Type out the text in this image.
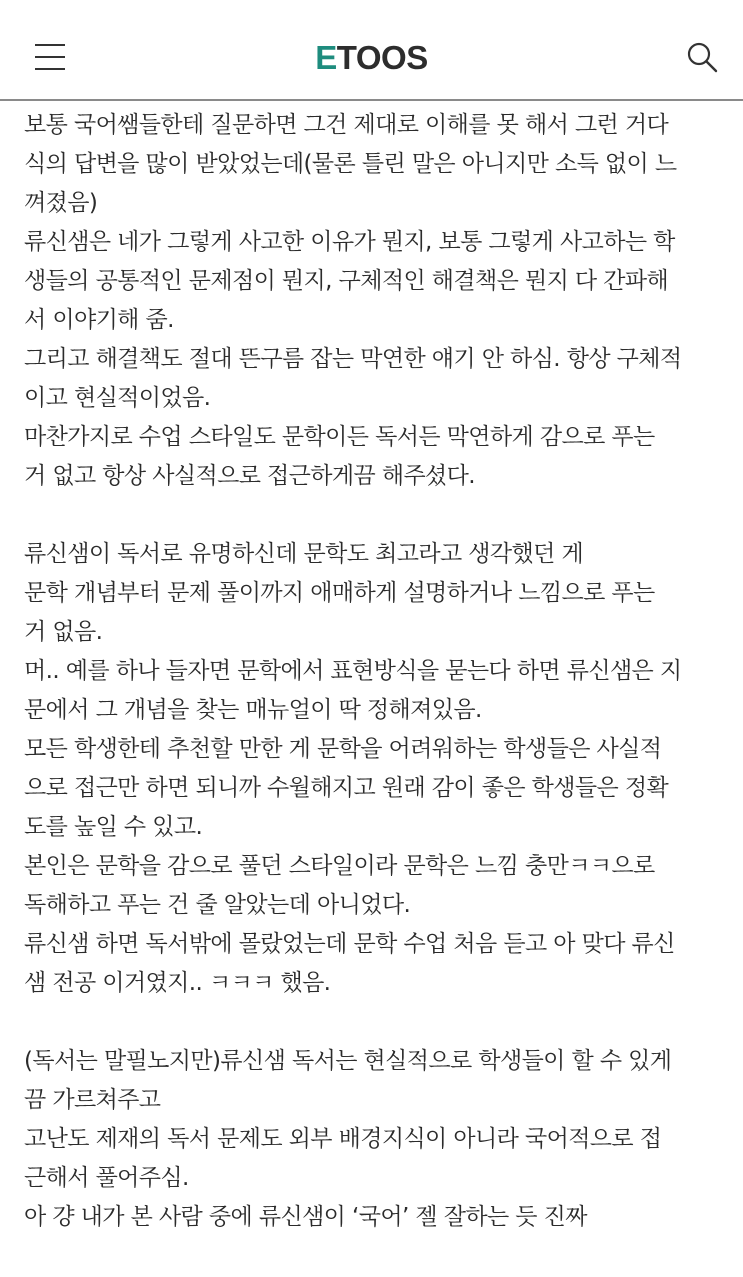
ETOOS
보통 국어쌤들한테 질문하면 그건 제대로 이해를 못 해서 그런 거다
식의 답변을 많이 받았었는데(물론 틀린 말은 아니지만 소득 없이 느
껴졌음)
류신샘은 네가 그렇게 사고한 이유가 뭔지, 보통 그렇게 사고하는 학
생들의 공통적인 문제점이 뭔지, 구체적인 해결책은 뭔지 다 간파해
서 이야기해 줌.
그리고 해결책도 절대 뜬구름 잡는 막연한 얘기 안 하심. 항상 구체적
이고 현실적이었음.
마찬가지로 수업 스타일도 문학이든 독서든 막연하게 감으로 푸는
거 없고 항상 사실적으로 접근하게끔 해주셨다.
류신샘이 독서로 유명하신데 문학도 최고라고 생각했던 게
문학 개념부터 문제 풀이까지 애매하게 설명하거나 느낌으로 푸는
거 없음.
머.. 예를 하나 들자면 문학에서 표현방식을 묻는다 하면 류신샘은 지
문에서 그 개념을 찾는 매뉴얼이 딱 정해져있음.
모든 학생한테 추천할 만한 게 문학을 어려워하는 학생들은 사실적
으로 접근만 하면 되니까 수월해지고 원래 감이 좋은 학생들은 정확
도를 높일 수 있고.
본인은 문학을 감으로 풀던 스타일이라 문학은 느낌 충만ㅋㅋ으로
독해하고 푸는 건 줄 알았는데 아니었다.
류신샘 하면 독서밖에 몰랐었는데 문학 수업 처음 듣고 아 맞다 류신
샘 전공 이거였지.. ㅋㅋㅋ 했음.
(독서는 말필노지만)류신샘 독서는 현실적으로 학생들이 할 수 있게
끔 가르쳐주고
고난도 제재의 독서 문제도 외부 배경지식이 아니라 국어적으로 접
근해서 풀어주심.
아 걍 내가 본 사람 중에 류신샘이 ‘국어’ 젤 잘하는 듯 진짜
